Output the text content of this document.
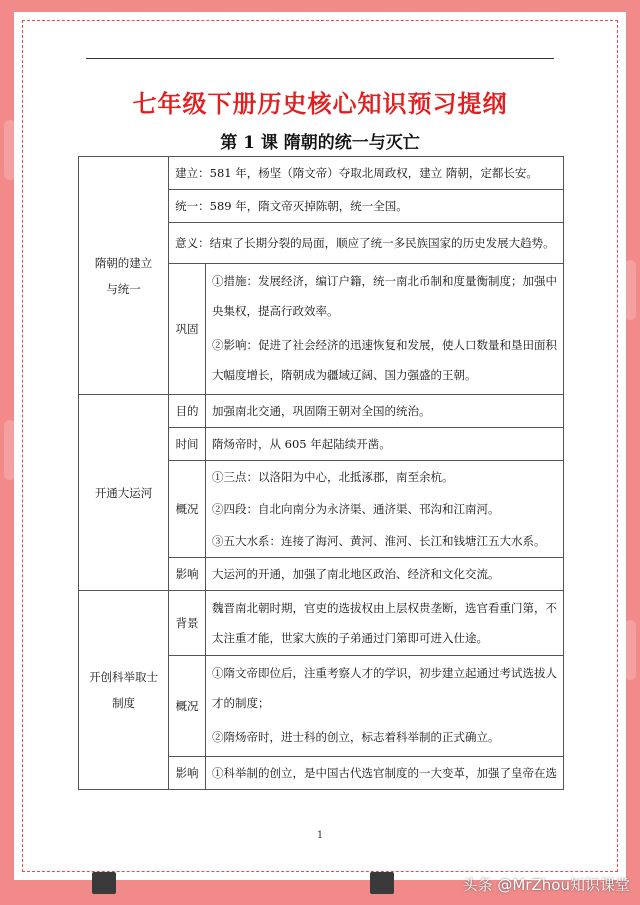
七年级下册历史核心知识预习提纲
第 1 课 隋朝的统一与灭亡
隋朝的建立与统一	建立：581 年，杨坚（隋文帝）夺取北周政权，建立 隋朝，定都长安。	

	统一：589 年，隋文帝灭掉陈朝，统一全国。	

	意义：结束了长期分裂的局面，顺应了统一多民族国家的历史发展大趋势。	

	巩固	①措施：发展经济，编订户籍，统一南北币制和度量衡制度；加强中央集权，提高行政效率。
②影响：促进了社会经济的迅速恢复和发展，使人口数量和垦田面积大幅度增长，隋朝成为疆域辽阔、国力强盛的王朝。

开通大运河	目的	加强南北交通，巩固隋王朝对全国的统治。

	时间	隋炀帝时，从 605 年起陆续开凿。

	概况	①三点：以洛阳为中心，北抵涿郡，南至余杭。
②四段：自北向南分为永济渠、通济渠、邗沟和江南河。
③五大水系：连接了海河、黄河、淮河、长江和钱塘江五大水系。

	影响	大运河的开通，加强了南北地区政治、经济和文化交流。

开创科举取士制度	背景	魏晋南北朝时期，官吏的选拔权由上层权贵垄断，选官看重门第，不太注重才能，世家大族的子弟通过门第即可进入仕途。

	概况	①隋文帝即位后，注重考察人才的学识，初步建立起通过考试选拔人才的制度；
②隋炀帝时，进士科的创立，标志着科举制的正式确立。

	影响	①科举制的创立，是中国古代选官制度的一大变革，加强了皇帝在选
1
头条 @MrZhou知识课堂
